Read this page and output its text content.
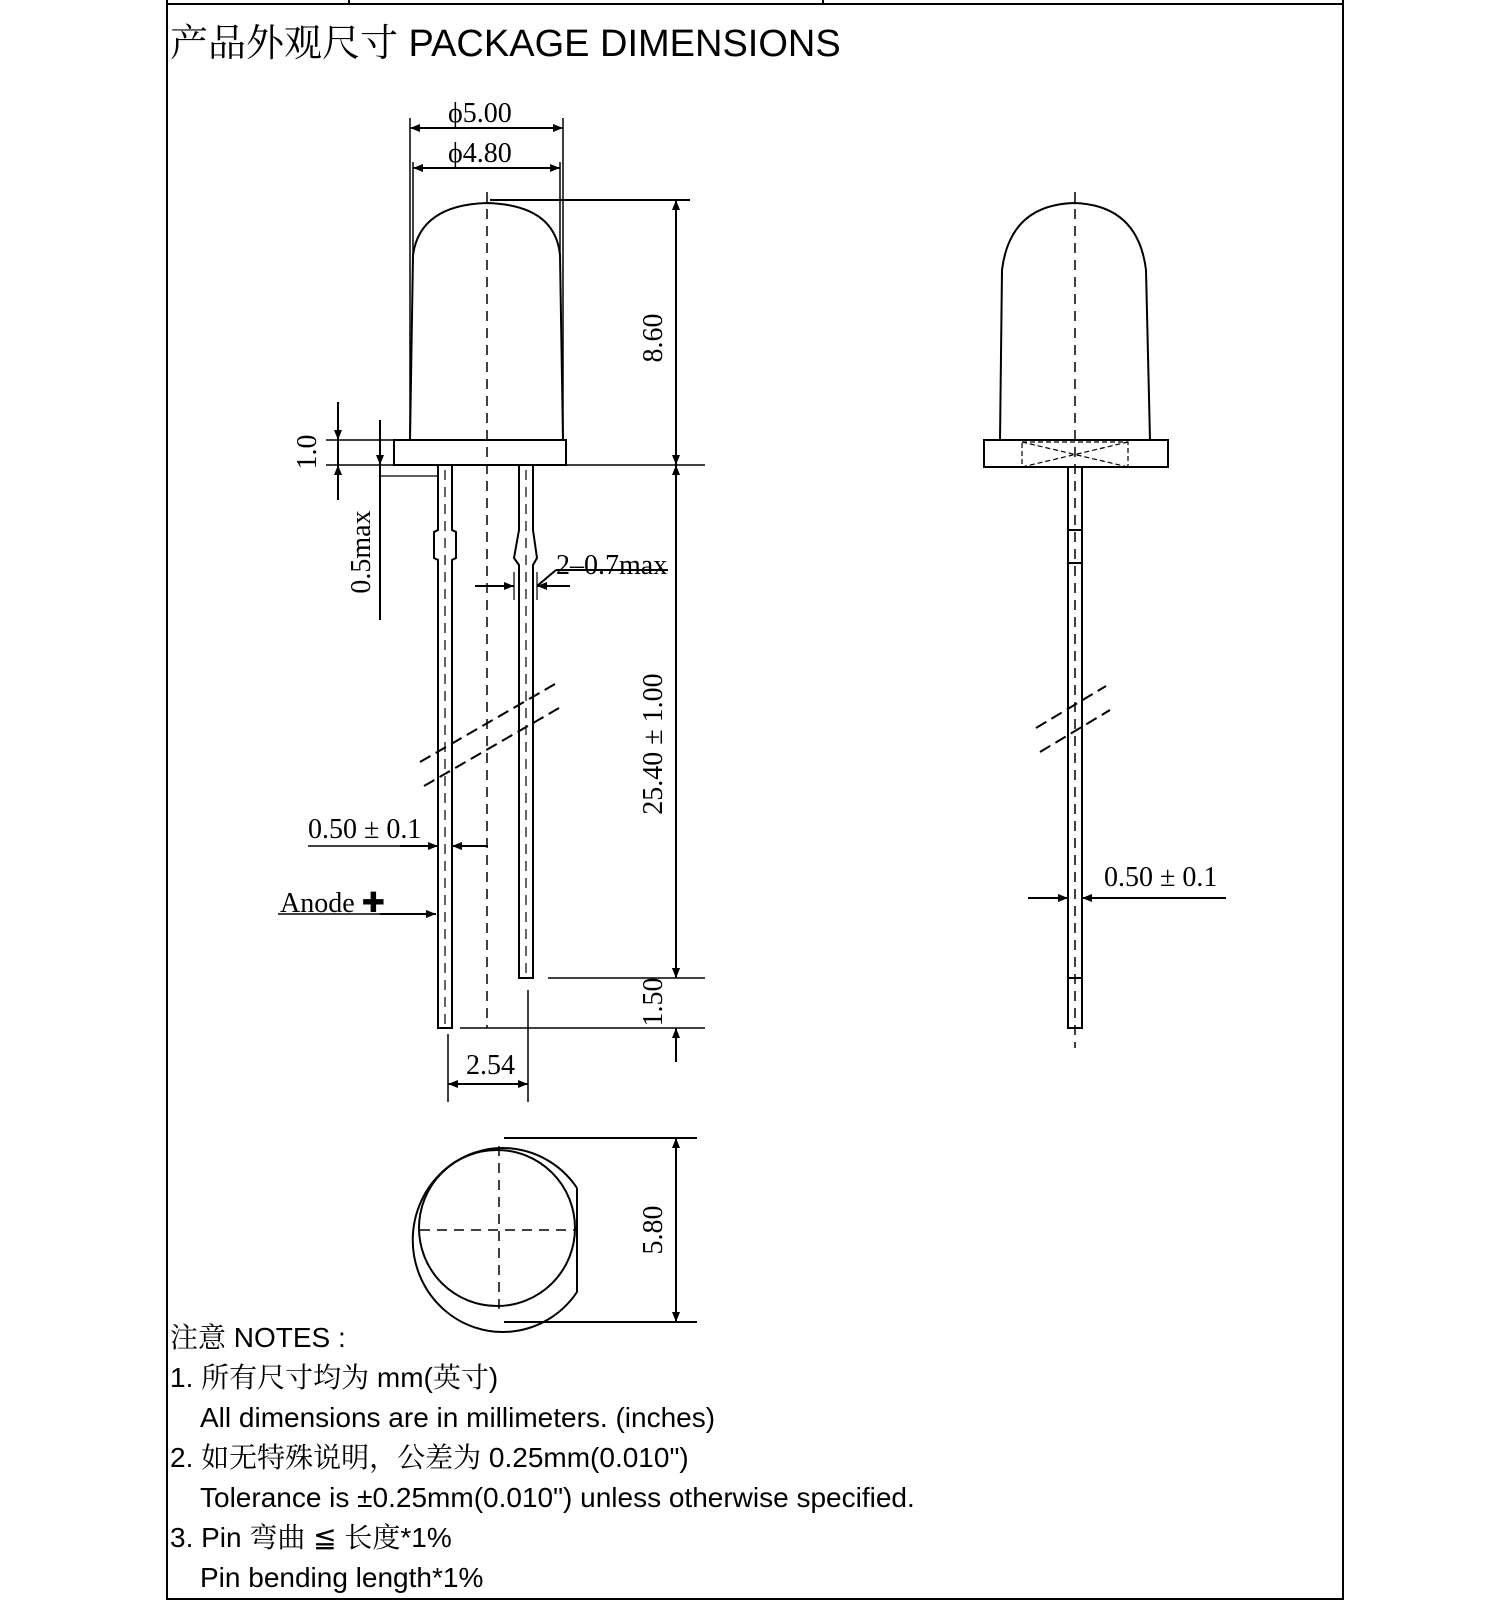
产品外观尺寸 PACKAGE DIMENSIONS
ϕ5.00
ϕ4.80
8.60
1.0
0.5max	2–0.7max
25.40 ± 1.00
0.50 ± 0.1
Anode ✚
1.50
2.54
5.80
0.50 ± 0.1
注意 NOTES :
1. 所有尺寸均为 mm(英寸)
All dimensions are in millimeters. (inches)
2. 如无特殊说明，公差为 0.25mm(0.010")
Tolerance is ±0.25mm(0.010") unless otherwise specified.
3. Pin 弯曲 ≦ 长度*1%
Pin bending length*1%
